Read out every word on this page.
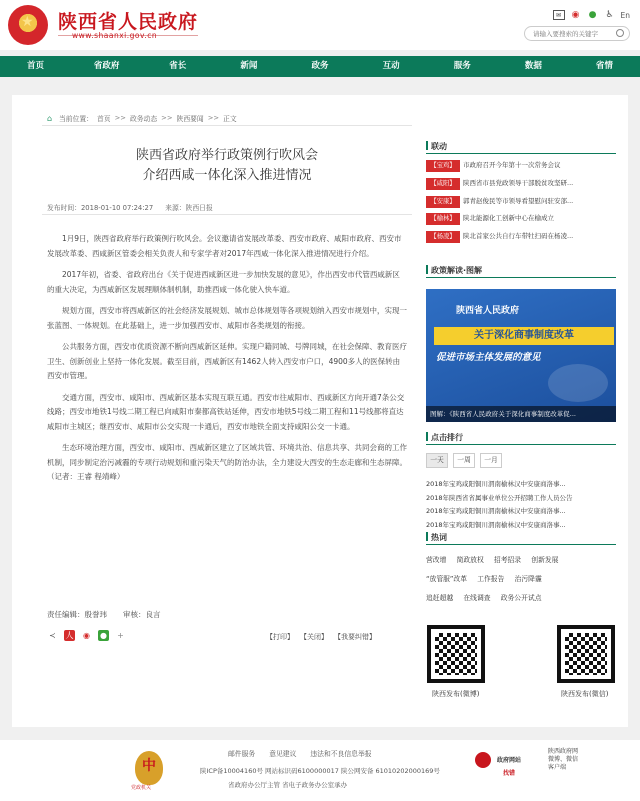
★
陕西省人民政府
www.shaanxi.gov.cn
✉	◉ ● ♿ En
请输入要搜索的关键字
首页	省政府	省长	新闻	政务	互动	服务	数据	省情
⌂	当前位置： 首页 >> 政务动态 >> 陕西要闻 >> 正文
陕西省政府举行政策例行吹风会
介绍西咸一体化深入推进情况
发布时间：2018-01-10 07:24:27 来源：陕西日报

1月9日，陕西省政府举行政策例行吹风会。会议邀请省发展改革委、西安市政府、咸阳市政府、西安市发展改革委、西咸新区管委会相关负责人和专家学者对2017年西咸一体化深入推进情况进行介绍。

2017年初，省委、省政府出台《关于促进西咸新区进一步加快发展的意见》，作出西安市代管西咸新区的重大决定，为西咸新区发展理顺体制机制，助推西咸一体化驶入快车道。

规划方面，西安市将西咸新区的社会经济发展规划、城市总体规划等各项规划纳入西安市规划中，实现一张蓝图、一体规划。在此基础上，进一步加强西安市、咸阳市各类规划的衔接。

公共服务方面，西安市优质资源不断向西咸新区延伸。实现户籍同城、号牌同城，在社会保障、教育医疗卫生、创新创业上坚持一体化发展。截至目前，西咸新区有1462人转入西安市户口，4900多人的医保转由西安市管理。

交通方面，西安市、咸阳市、西咸新区基本实现互联互通。西安市往咸阳市、西咸新区方向开通7条公交线路；西安市地铁1号线二期工程已向咸阳市秦都高铁站延伸，西安市地铁5号线二期工程和11号线都将直达咸阳市主城区；继西安市、咸阳市公交实现一卡通后，西安市地铁全面支持咸阳公交一卡通。

生态环境治理方面，西安市、咸阳市、西咸新区建立了区域共管、环境共治、信息共享、共同会商的工作机制，同步制定治污减霾的专项行动规划和重污染天气的防治办法，全力建设大西安的生态走廊和生态屏障。（记者：王睿 程靖峰）

责任编辑：殷誉玮 审核：良言
≺ 人 ◉ ● +	【打印】 【关闭】 【我要纠错】
联动
【宝鸡】 市政府召开今年第十一次常务会议
【咸阳】 陕西省市县党政领导干部脱贫攻坚研...
【安康】 郭青赵俊民等市领导看望慰问驻安部...
【榆林】 陕北能源化工创新中心在榆成立
【杨凌】 陕北首家公共自行车带牡扫码在杨凌...
政策解读·图解
陕西省人民政府
关于深化商事制度改革
促进市场主体发展的意见
图解：《陕西省人民政府关于深化商事制度改革促...
点击排行
一天	一周	一月
2018年宝鸡咸阳铜川渭南榆林汉中安康商洛事...
2018年陕西省省属事业单位公开招聘工作人员公告
2018年宝鸡咸阳铜川渭南榆林汉中安康商洛事...
2018年宝鸡咸阳铜川渭南榆林汉中安康商洛事...
热词
营改增 简政放权 招考招录 创新发展
“放管服”改革 工作报告 治污降霾
追赶超越 在线调查 政务公开试点
陕西发布(微博)	陕西发布(微信)
中
党政机关
邮件服务 意见建议 违法和不良信息举报
陕ICP备10004160号 网站标识码6100000017 陕公网安备 61010202000169号
省政府办公厅主管 省电子政务办公室承办
政府网站
找错
陕西政府网
微博、微信
客户端
